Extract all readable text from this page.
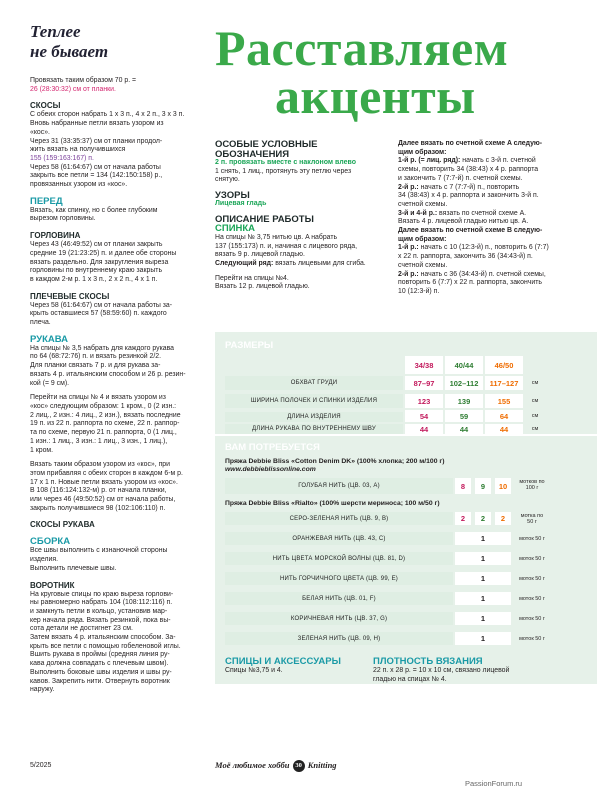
Теплее
не бывает	Расставляем
акценты

Провязать таким образом 70 р. =

26 (28:30:32) см от планки.

СКОСЫ

С обеих сторон набрать 1 х 3 п., 4 х 2 п., 3 х 3 п.

Вновь набранные петли вязать узором из

«кос».

Через 31 (33:35:37) см от планки продол-

жить вязать на получившихся

155 (159:163:167) п.

Через 58 (61:64:67) см от начала работы

закрыть все петли = 134 (142:150:158) р.,

провязанных узором из «кос».

ПЕРЕД

Вязать, как спинку, но с более глубоким

вырезом горловины.

ГОРЛОВИНА

Через 43 (46:49:52) см от планки закрыть

средние 19 (21:23:25) п. и далее обе стороны

вязать раздельно. Для закругления выреза

горловины по внутреннему краю закрыть

в каждом 2-м р. 1 х 3 п., 2 х 2 п., 4 х 1 п.

ПЛЕЧЕВЫЕ СКОСЫ

Через 58 (61:64:67) см от начала работы за-

крыть оставшиеся 57 (58:59:60) п. каждого

плеча.

РУКАВА

На спицы № 3,5 набрать для каждого рукава

по 64 (68:72:76) п. и вязать резинкой 2/2.

Для планки связать 7 р. и для рукава за-

вязать 4 р. итальянским способом и 26 р. резин-

кой (= 9 см).

Перейти на спицы № 4 и вязать узором из

«кос» следующим образом: 1 кром., 0 (2 изн.:

2 лиц., 2 изн.: 4 лиц., 2 изн.), вязать последние

19 п. из 22 п. раппорта по схеме, 22 п. раппор-

та по схеме, первую 21 п. раппорта, 0 (1 лиц.,

1 изн.: 1 лиц., 3 изн.: 1 лиц., 3 изн., 1 лиц.),

1 кром.

Вязать таким образом узором из «кос», при

этом прибавляя с обеих сторон в каждом 6-м р.

17 х 1 п. Новые петли вязать узором из «кос».

В 108 (116:124:132-м) р. от начала планки,

или через 46 (49:50:52) см от начала работы,

закрыть получившиеся 98 (102:106:110) п.

СКОСЫ РУКАВА

СБОРКА

Все швы выполнить с изнаночной стороны

изделия.

Выполнить плечевые швы.

ВОРОТНИК

На круговые спицы по краю выреза горлови-

ны равномерно набрать 104 (108:112:116) п.

и замкнуть петли в кольцо, установив мар-

кер начала ряда. Вязать резинкой, пока вы-

сота детали не достигнет 23 см.

Затем вязать 4 р. итальянским способом. За-

крыть все петли с помощью гобеленовой иглы.

Вшить рукава в проймы (средняя линия ру-

кава должна совпадать с плечевым швом).

Выполнить боковые швы изделия и швы ру-

кавов. Закрепить нити. Отвернуть воротник

наружу.

ОСОБЫЕ УСЛОВНЫЕ

ОБОЗНАЧЕНИЯ

2 п. провязать вместе с наклоном влево

1 снять, 1 лиц., протянуть эту петлю через

снятую.

УЗОРЫ

Лицевая гладь

ОПИСАНИЕ РАБОТЫ

СПИНКА

На спицы № 3,75 нитью цв. A набрать

137 (155:173) п. и, начиная с лицевого ряда,

вязать 9 р. лицевой гладью.

Следующий ряд: вязать лицевыми для сгиба.

Перейти на спицы №4.

Вязать 12 р. лицевой гладью.

Далее вязать по счетной схеме A следую-

щим образом:

1-й р. (= лиц. ряд): начать с 3-й п. счетной

схемы, повторить 34 (38:43) х 4 р. раппорта

и закончить 7 (7:7-й) п. счетной схемы.

2-й р.: начать с 7 (7:7-й) п., повторить

34 (38:43) х 4 р. раппорта и закончить 3-й п.

счетной схемы.

3-й и 4-й р.: вязать по счетной схеме A.

Вязать 4 р. лицевой гладью нитью цв. A.

Далее вязать по счетной схеме B следую-

щим образом:

1-й р.: начать с 10 (12:3-й) п., повторить 6 (7:7)

х 22 п. раппорта, закончить 36 (34:43-й) п.

счетной схемы.

2-й р.: начать с 36 (34:43-й) п. счетной схемы,

повторить 6 (7:7) х 22 п. раппорта, закончить

10 (12:3-й) п.

РАЗМЕРЫ
34/38	40/44	46/50
ОБХВАТ ГРУДИ	87–97	102–112	117–127	см
ШИРИНА ПОЛОЧЕК И СПИНКИ ИЗДЕЛИЯ	123	139	155	см
ДЛИНА ИЗДЕЛИЯ	54	59	64	см
ДЛИНА РУКАВА ПО ВНУТРЕННЕМУ ШВУ	44	44	44	см
ВАМ ПОТРЕБУЕТСЯ
Пряжа Debbie Bliss «Cotton Denim DK» (100% хлопка; 200 м/100 г)
www.debbieblissonline.com
ГОЛУБАЯ НИТЬ (ЦВ. 03, A)	8	9	10	мотков по 100 г
Пряжа Debbie Bliss «Rialto» (100% шерсти мериноса; 100 м/50 г)
СЕРО-ЗЕЛЕНАЯ НИТЬ (ЦВ. 9, B)	2	2	2	мотка по 50 г
ОРАНЖЕВАЯ НИТЬ (ЦВ. 43, C)	1	моток 50 г
НИТЬ ЦВЕТА МОРСКОЙ ВОЛНЫ (ЦВ. 81, D)	1	моток 50 г
НИТЬ ГОРЧИЧНОГО ЦВЕТА (ЦВ. 99, E)	1	моток 50 г
БЕЛАЯ НИТЬ (ЦВ. 01, F)	1	моток 50 г
КОРИЧНЕВАЯ НИТЬ (ЦВ. 37, G)	1	моток 50 г
ЗЕЛЕНАЯ НИТЬ (ЦВ. 09, H)	1	моток 50 г
СПИЦЫ И АКСЕССУАРЫ
Спицы №3,75 и 4.
ПЛОТНОСТЬ ВЯЗАНИЯ
22 п. х 28 р. = 10 х 10 см, связано лицевой
гладью на спицах № 4.
5/2025	Моё любимое хобби 30 Knitting
PassionForum.ru
